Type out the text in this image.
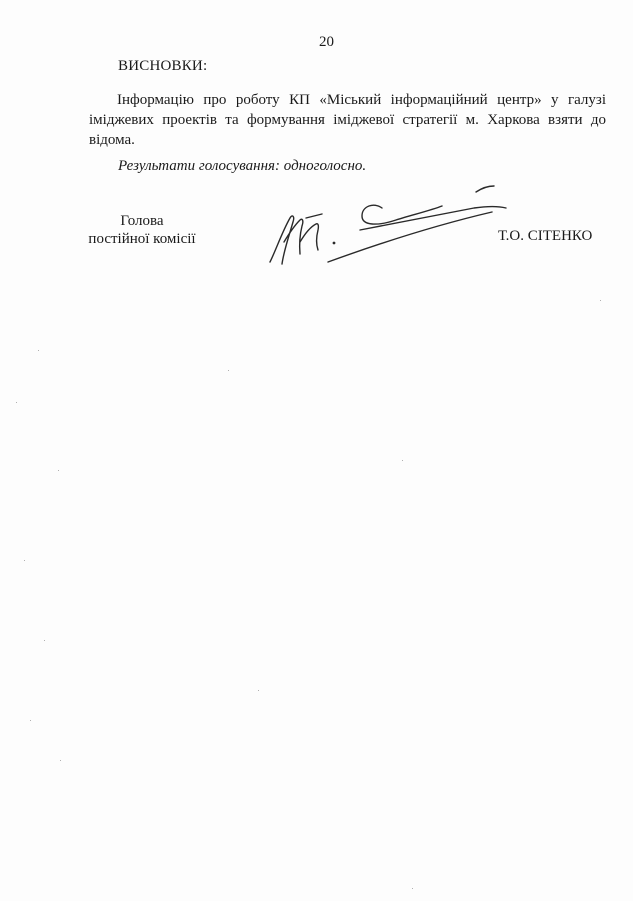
20
ВИСНОВКИ:

Інформацію про роботу КП «Міський інформаційний центр» у галузі іміджевих проектів та формування іміджевої стратегії м. Харкова взяти до відома.

Результати голосування: одноголосно.
Голова
постійної комісії	Т.О. СІТЕНКО
